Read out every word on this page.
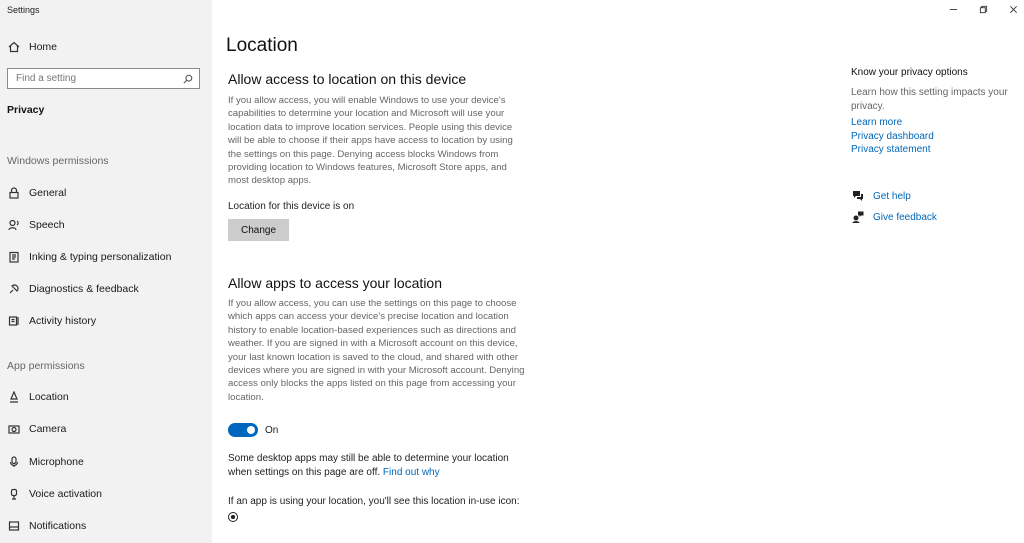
Settings
Home
Find a setting
Privacy
Windows permissions
General
Speech
Inking & typing personalization
Diagnostics & feedback
Activity history
App permissions
Location
Camera
Microphone
Voice activation
Notifications
Location
Allow access to location on this device
If you allow access, you will enable Windows to use your device's capabilities to determine your location and Microsoft will use your location data to improve location services. People using this device will be able to choose if their apps have access to location by using the settings on this page. Denying access blocks Windows from providing location to Windows features, Microsoft Store apps, and most desktop apps.
Location for this device is on
Change
Allow apps to access your location
If you allow access, you can use the settings on this page to choose which apps can access your device's precise location and location history to enable location-based experiences such as directions and weather. If you are signed in with a Microsoft account on this device, your last known location is saved to the cloud, and shared with other devices where you are signed in with your Microsoft account. Denying access only blocks the apps listed on this page from accessing your location.
On
Some desktop apps may still be able to determine your location when settings on this page are off. Find out why
If an app is using your location, you'll see this location in-use icon:
Know your privacy options
Learn how this setting impacts your privacy.
Learn more
Privacy dashboard
Privacy statement
Get help
Give feedback
